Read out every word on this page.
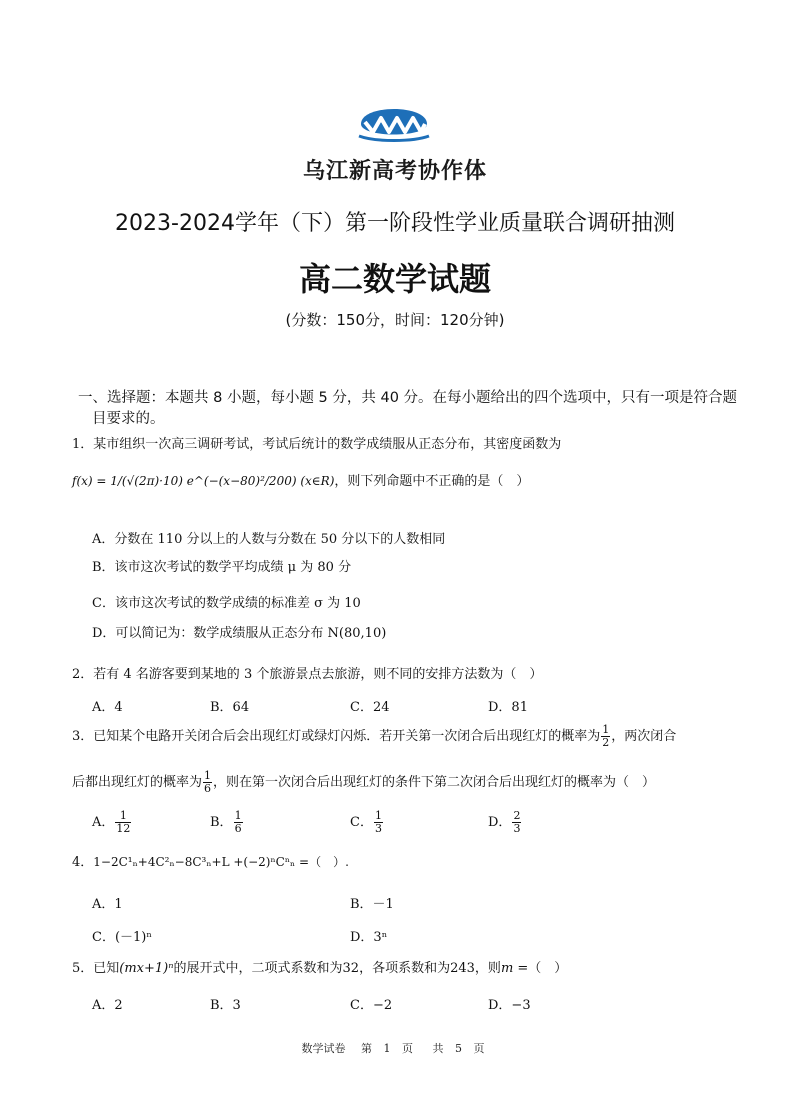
乌江新高考协作体
2023-2024学年（下）第一阶段性学业质量联合调研抽测
高二数学试题
(分数：150分，时间：120分钟)
一、选择题：本题共 8 小题，每小题 5 分，共 40 分。在每小题给出的四个选项中，只有一项是符合题目要求的。
1．某市组织一次高三调研考试，考试后统计的数学成绩服从正态分布，其密度函数为
f(x) = 1/(√(2π)·10) e^(−(x−80)²/200) (x∈R)，则下列命题中不正确的是（　）
A．分数在 110 分以上的人数与分数在 50 分以下的人数相同
B．该市这次考试的数学平均成绩 μ 为 80 分
C．该市这次考试的数学成绩的标准差 σ 为 10
D．可以简记为：数学成绩服从正态分布 N(80,10)
2．若有 4 名游客要到某地的 3 个旅游景点去旅游，则不同的安排方法数为（　）
A．4	B．64	C．24	D．81
3．已知某个电路开关闭合后会出现红灯或绿灯闪烁．若开关第一次闭合后出现红灯的概率为 $\frac{1}{2}$ ，两次闭合
后都出现红灯的概率为 $\frac{1}{6}$ ，则在第一次闭合后出现红灯的条件下第二次闭合后出现红灯的概率为（　）
A． $\frac{1}{12}$	B． $\frac{1}{6}$	C． $\frac{1}{3}$	D． $\frac{2}{3}$
4．1−2C¹ₙ+4C²ₙ−8C³ₙ+L +(−2)ⁿCⁿₙ =（　）.
A．1	B．－1
C．(－1)ⁿ	D．3ⁿ
5．已知(mx+1)ⁿ的展开式中，二项式系数和为32，各项系数和为243，则m =（　）
A．2	B．3	C．−2	D．−3
数学试卷 第 1 页 共 5 页
